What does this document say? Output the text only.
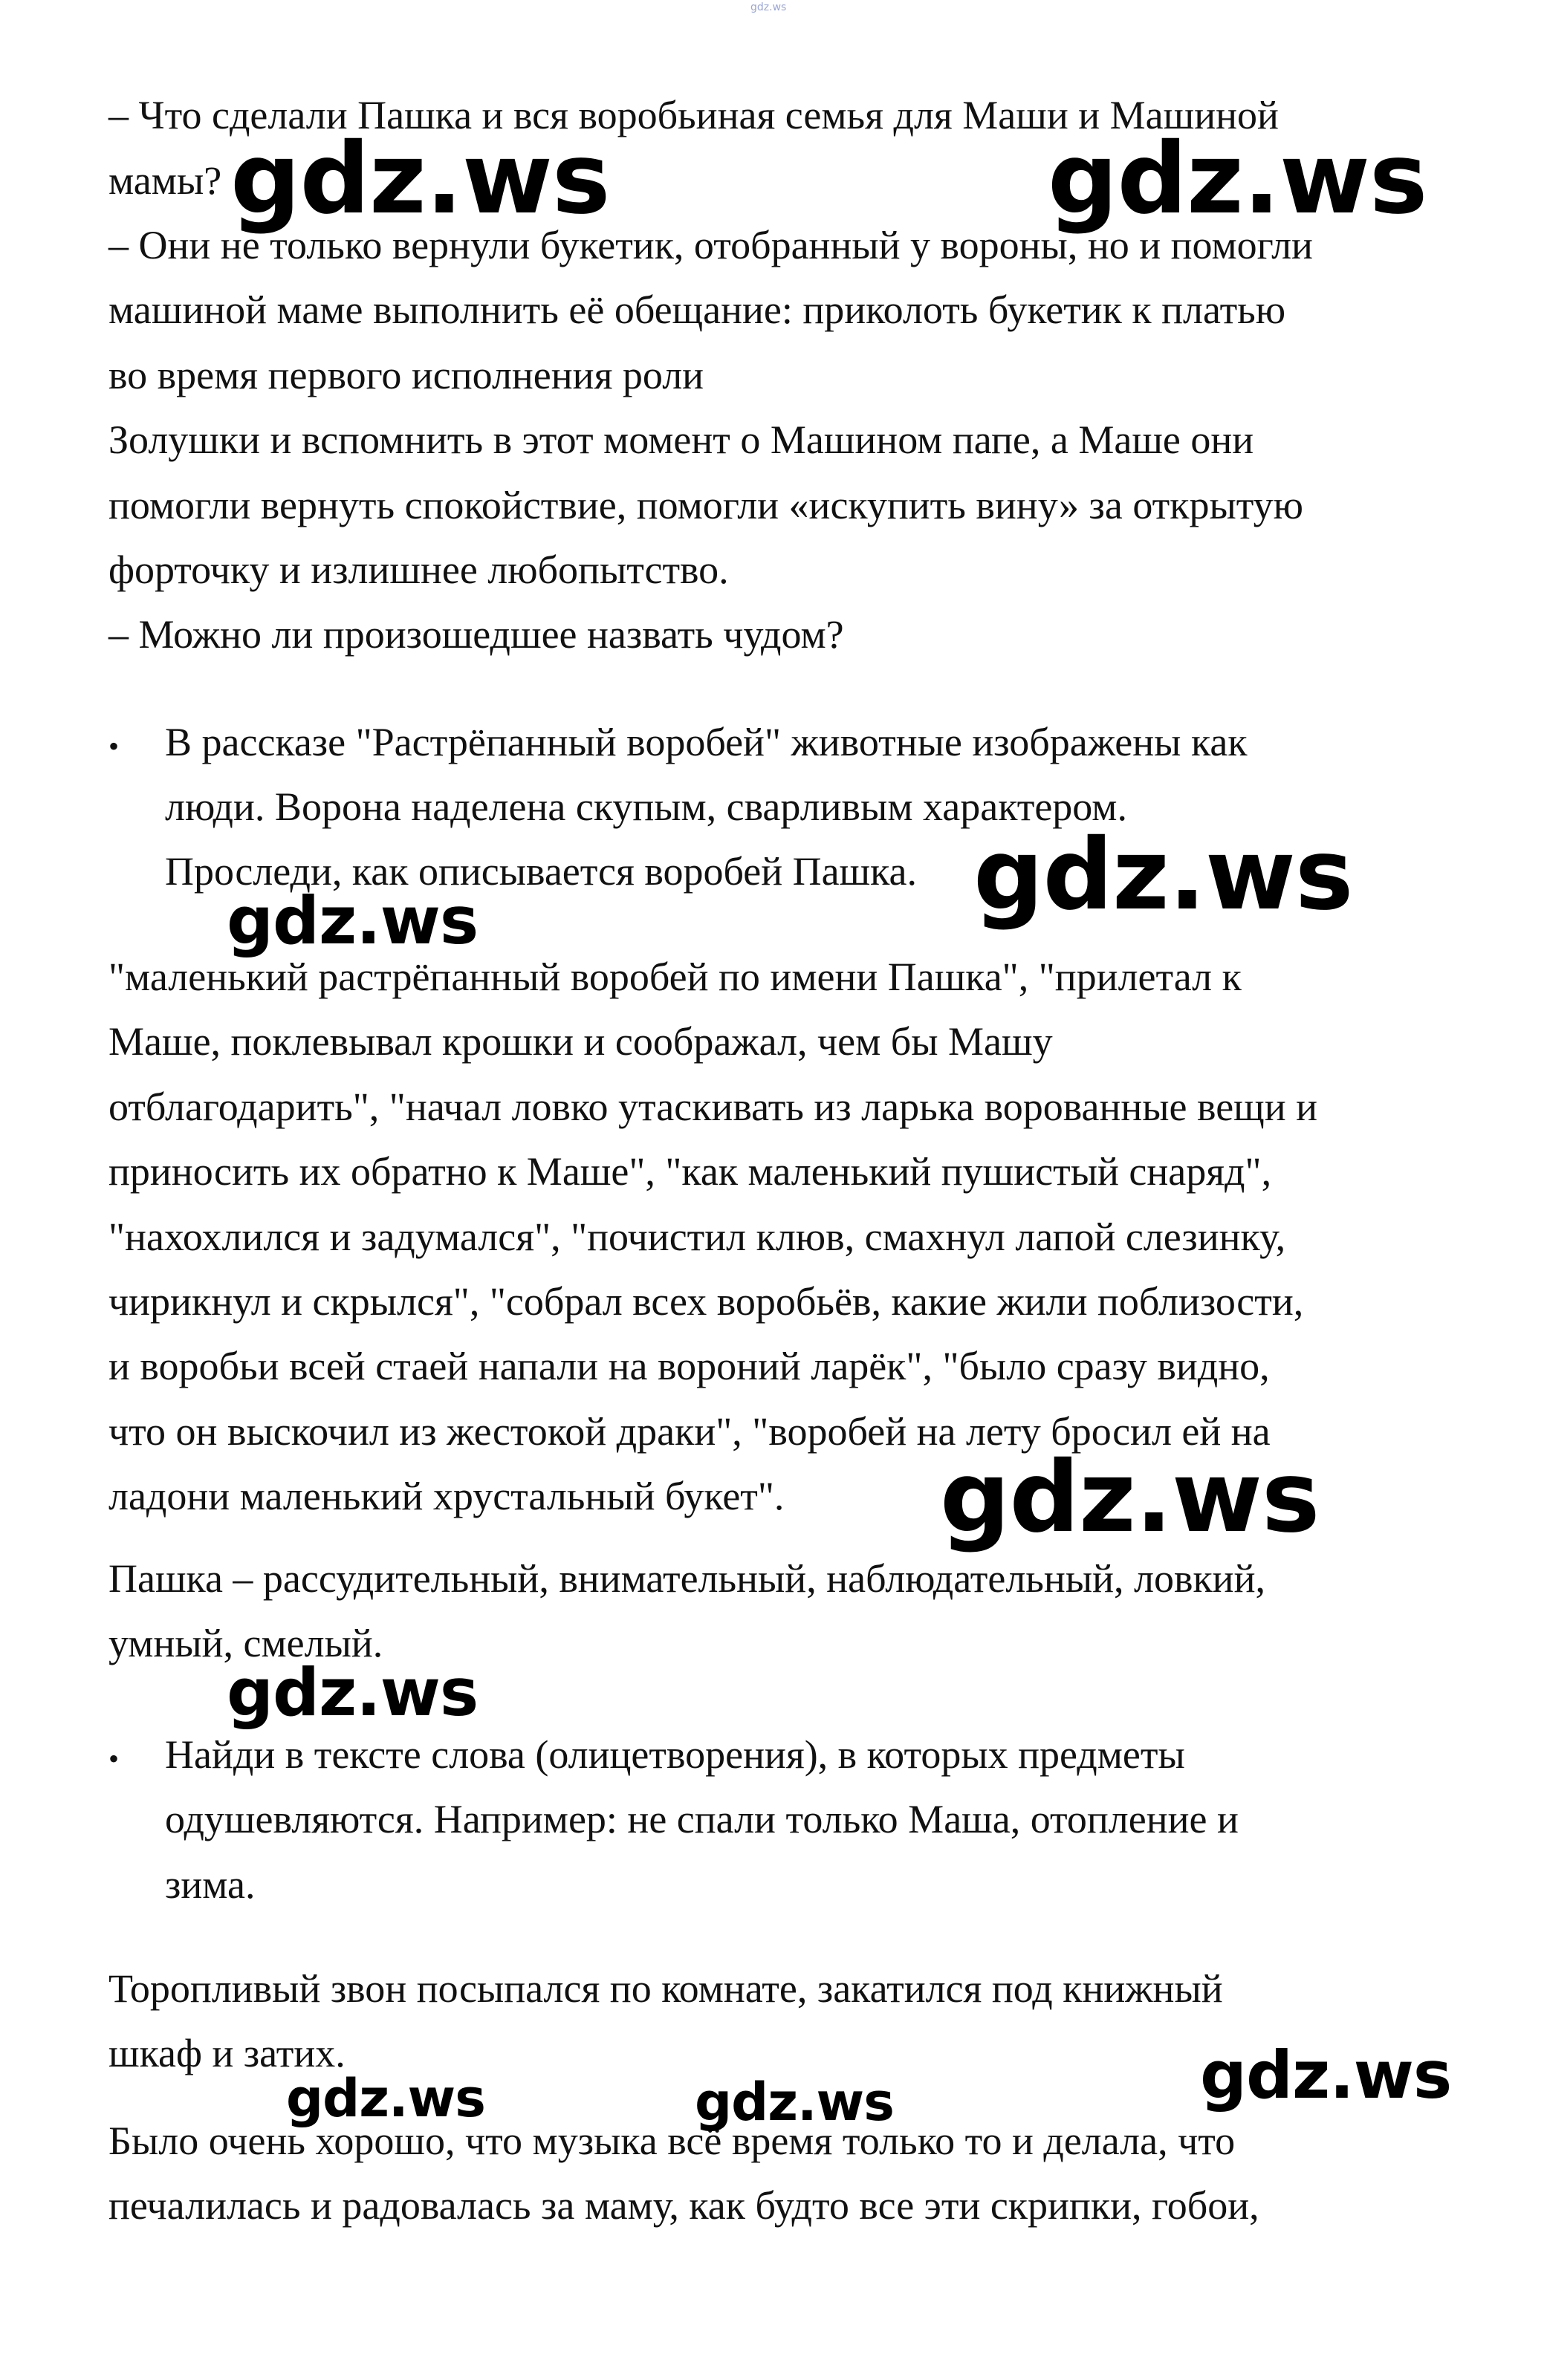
gdz.ws
– Что сделали Пашка и вся воробьиная семья для Маши и Машиной
мамы?
– Они не только вернули букетик, отобранный у вороны, но и помогли
машиной маме выполнить её обещание: приколоть букетик к платью
во время первого исполнения роли
Золушки и вспомнить в этот момент о Машином папе, а Маше они
помогли вернуть спокойствие, помогли «искупить вину» за открытую
форточку и излишнее любопытство.
– Можно ли произошедшее назвать чудом?
• В рассказе "Растрёпанный воробей" животные изображены как
люди. Ворона наделена скупым, сварливым характером.
Проследи, как описывается воробей Пашка.
"маленький растрёпанный воробей по имени Пашка", "прилетал к
Маше, поклевывал крошки и соображал, чем бы Машу
отблагодарить", "начал ловко утаскивать из ларька ворованные вещи и
приносить их обратно к Маше", "как маленький пушистый снаряд",
"нахохлился и задумался", "почистил клюв, смахнул лапой слезинку,
чирикнул и скрылся", "собрал всех воробьёв, какие жили поблизости,
и воробьи всей стаей напали на вороний ларёк", "было сразу видно,
что он выскочил из жестокой драки", "воробей на лету бросил ей на
ладони маленький хрустальный букет".
Пашка – рассудительный, внимательный, наблюдательный, ловкий,
умный, смелый.
• Найди в тексте слова (олицетворения), в которых предметы
одушевляются. Например: не спали только Маша, отопление и
зима.
Торопливый звон посыпался по комнате, закатился под книжный
шкаф и затих.
Было очень хорошо, что музыка всё время только то и делала, что
печалилась и радовалась за маму, как будто все эти скрипки, гобои,
gdz.ws	gdz.ws
gdz.ws
gdz.ws
gdz.ws
gdz.ws
gdz.ws
gdz.ws	gdz.ws
